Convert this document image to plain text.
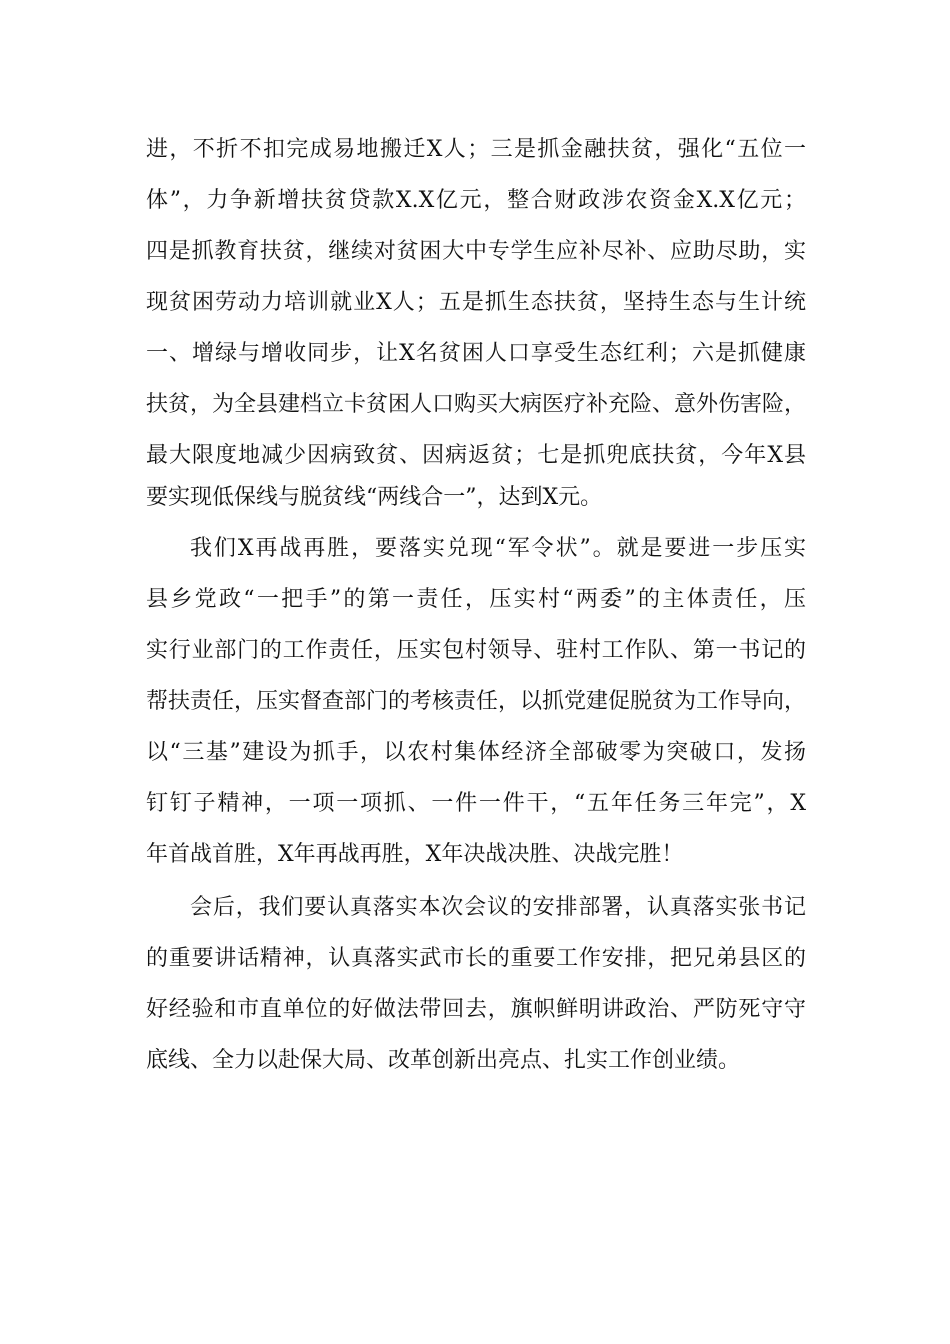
进，不折不扣完成易地搬迁X人；三是抓金融扶贫，强化“五位一
体”，力争新增扶贫贷款X.X亿元，整合财政涉农资金X.X亿元；
四是抓教育扶贫，继续对贫困大中专学生应补尽补、应助尽助，实
现贫困劳动力培训就业X人；五是抓生态扶贫，坚持生态与生计统
一、增绿与增收同步，让X名贫困人口享受生态红利；六是抓健康
扶贫，为全县建档立卡贫困人口购买大病医疗补充险、意外伤害险，
最大限度地减少因病致贫、因病返贫；七是抓兜底扶贫，今年X县
要实现低保线与脱贫线“两线合一”，达到X元。
我们X再战再胜，要落实兑现“军令状”。就是要进一步压实
县乡党政“一把手”的第一责任，压实村“两委”的主体责任，压
实行业部门的工作责任，压实包村领导、驻村工作队、第一书记的
帮扶责任，压实督查部门的考核责任，以抓党建促脱贫为工作导向，
以“三基”建设为抓手，以农村集体经济全部破零为突破口，发扬
钉钉子精神，一项一项抓、一件一件干，“五年任务三年完”，X
年首战首胜，X年再战再胜，X年决战决胜、决战完胜！
会后，我们要认真落实本次会议的安排部署，认真落实张书记
的重要讲话精神，认真落实武市长的重要工作安排，把兄弟县区的
好经验和市直单位的好做法带回去，旗帜鲜明讲政治、严防死守守
底线、全力以赴保大局、改革创新出亮点、扎实工作创业绩。
